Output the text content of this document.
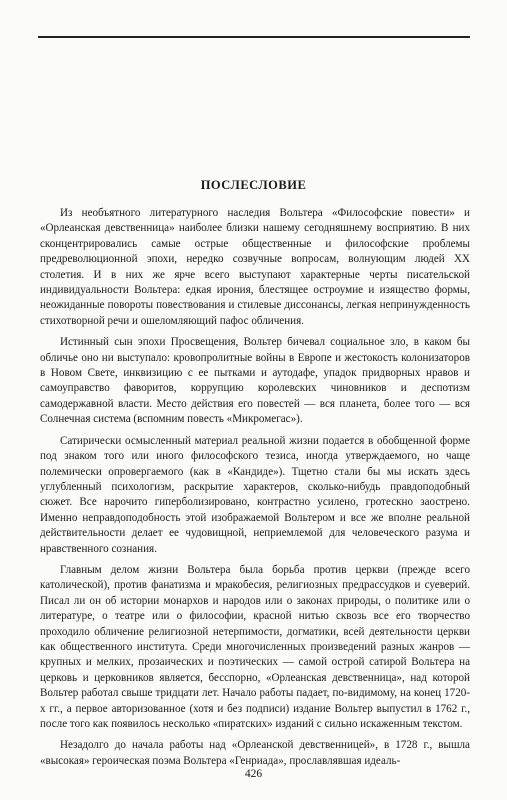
ПОСЛЕСЛОВИЕ

Из необъятного литературного наследия Вольтера «Философские повести» и «Орлеанская девственница» наиболее близки нашему сегодняшнему восприятию. В них сконцентрировались самые острые общественные и философские проблемы предреволюционной эпохи, нередко созвучные вопросам, волнующим людей XX столетия. И в них же ярче всего выступают характерные черты писательской индивидуальности Вольтера: едкая ирония, блестящее остроумие и изящество формы, неожиданные повороты повествования и стилевые диссонансы, легкая непринужденность стихотворной речи и ошеломляющий пафос обличения.

Истинный сын эпохи Просвещения, Вольтер бичевал социальное зло, в каком бы обличье оно ни выступало: кровопролитные войны в Европе и жестокость колонизаторов в Новом Свете, инквизицию с ее пытками и аутодафе, упадок придворных нравов и самоуправство фаворитов, коррупцию королевских чиновников и деспотизм самодержавной власти. Место действия его повестей — вся планета, более того — вся Солнечная система (вспомним повесть «Микромегас»).

Сатирически осмысленный материал реальной жизни подается в обобщенной форме под знаком того или иного философского тезиса, иногда утверждаемого, но чаще полемически опровергаемого (как в «Кандиде»). Тщетно стали бы мы искать здесь углубленный психологизм, раскрытие характеров, сколько-нибудь правдоподобный сюжет. Все нарочито гиперболизировано, контрастно усилено, гротескно заострено. Именно неправдоподобность этой изображаемой Вольтером и все же вполне реальной действительности делает ее чудовищной, неприемлемой для человеческого разума и нравственного сознания.

Главным делом жизни Вольтера была борьба против церкви (прежде всего католической), против фанатизма и мракобесия, религиозных предрассудков и суеверий. Писал ли он об истории монархов и народов или о законах природы, о политике или о литературе, о театре или о философии, красной нитью сквозь все его творчество проходило обличение религиозной нетерпимости, догматики, всей деятельности церкви как общественного института. Среди многочисленных произведений разных жанров — крупных и мелких, прозаических и поэтических — самой острой сатирой Вольтера на церковь и церковников является, бесспорно, «Орлеанская девственница», над которой Вольтер работал свыше тридцати лет. Начало работы падает, по-видимому, на конец 1720-х гг., а первое авторизованное (хотя и без подписи) издание Вольтер выпустил в 1762 г., после того как появилось несколько «пиратских» изданий с сильно искаженным текстом.

Незадолго до начала работы над «Орлеанской девственницей», в 1728 г., вышла «высокая» героическая поэма Вольтера «Генриада», прославлявшая идеаль-

426
